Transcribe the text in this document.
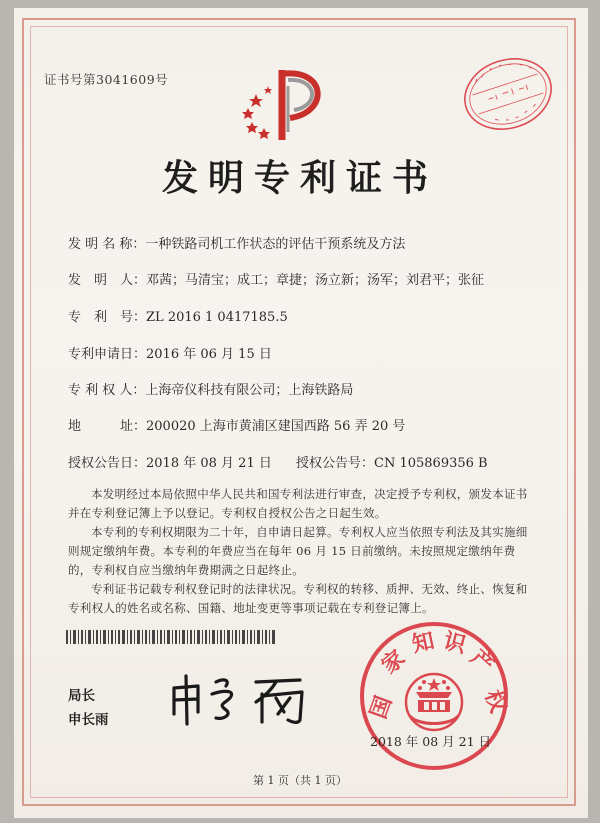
证书号第3041609号
发明专利证书
发 明 名 称：一种铁路司机工作状态的评估干预系统及方法
发　明　人：邓茜；马清宝；成工；章捷；汤立新；汤军；刘君平；张征
专　利　号：ZL 2016 1 0417185.5
专利申请日：2016 年 06 月 15 日
专 利 权 人：上海帝仪科技有限公司；上海铁路局
地　　　址：200020 上海市黄浦区建国西路 56 弄 20 号
授权公告日：2018 年 08 月 21 日 授权公告号：CN 105869356 B

本发明经过本局依照中华人民共和国专利法进行审查，决定授予专利权，颁发本证书并在专利登记簿上予以登记。专利权自授权公告之日起生效。

本专利的专利权期限为二十年，自申请日起算。专利权人应当依照专利法及其实施细则规定缴纳年费。本专利的年费应当在每年 06 月 15 日前缴纳。未按照规定缴纳年费的，专利权自应当缴纳年费期满之日起终止。

专利证书记载专利权登记时的法律状况。专利权的转移、质押、无效、终止、恢复和专利权人的姓名或名称、国籍、地址变更等事项记载在专利登记簿上。

局长
申长雨	国
家
知 识
产
权
2018 年 08 月 21 日
第 1 页（共 1 页）
